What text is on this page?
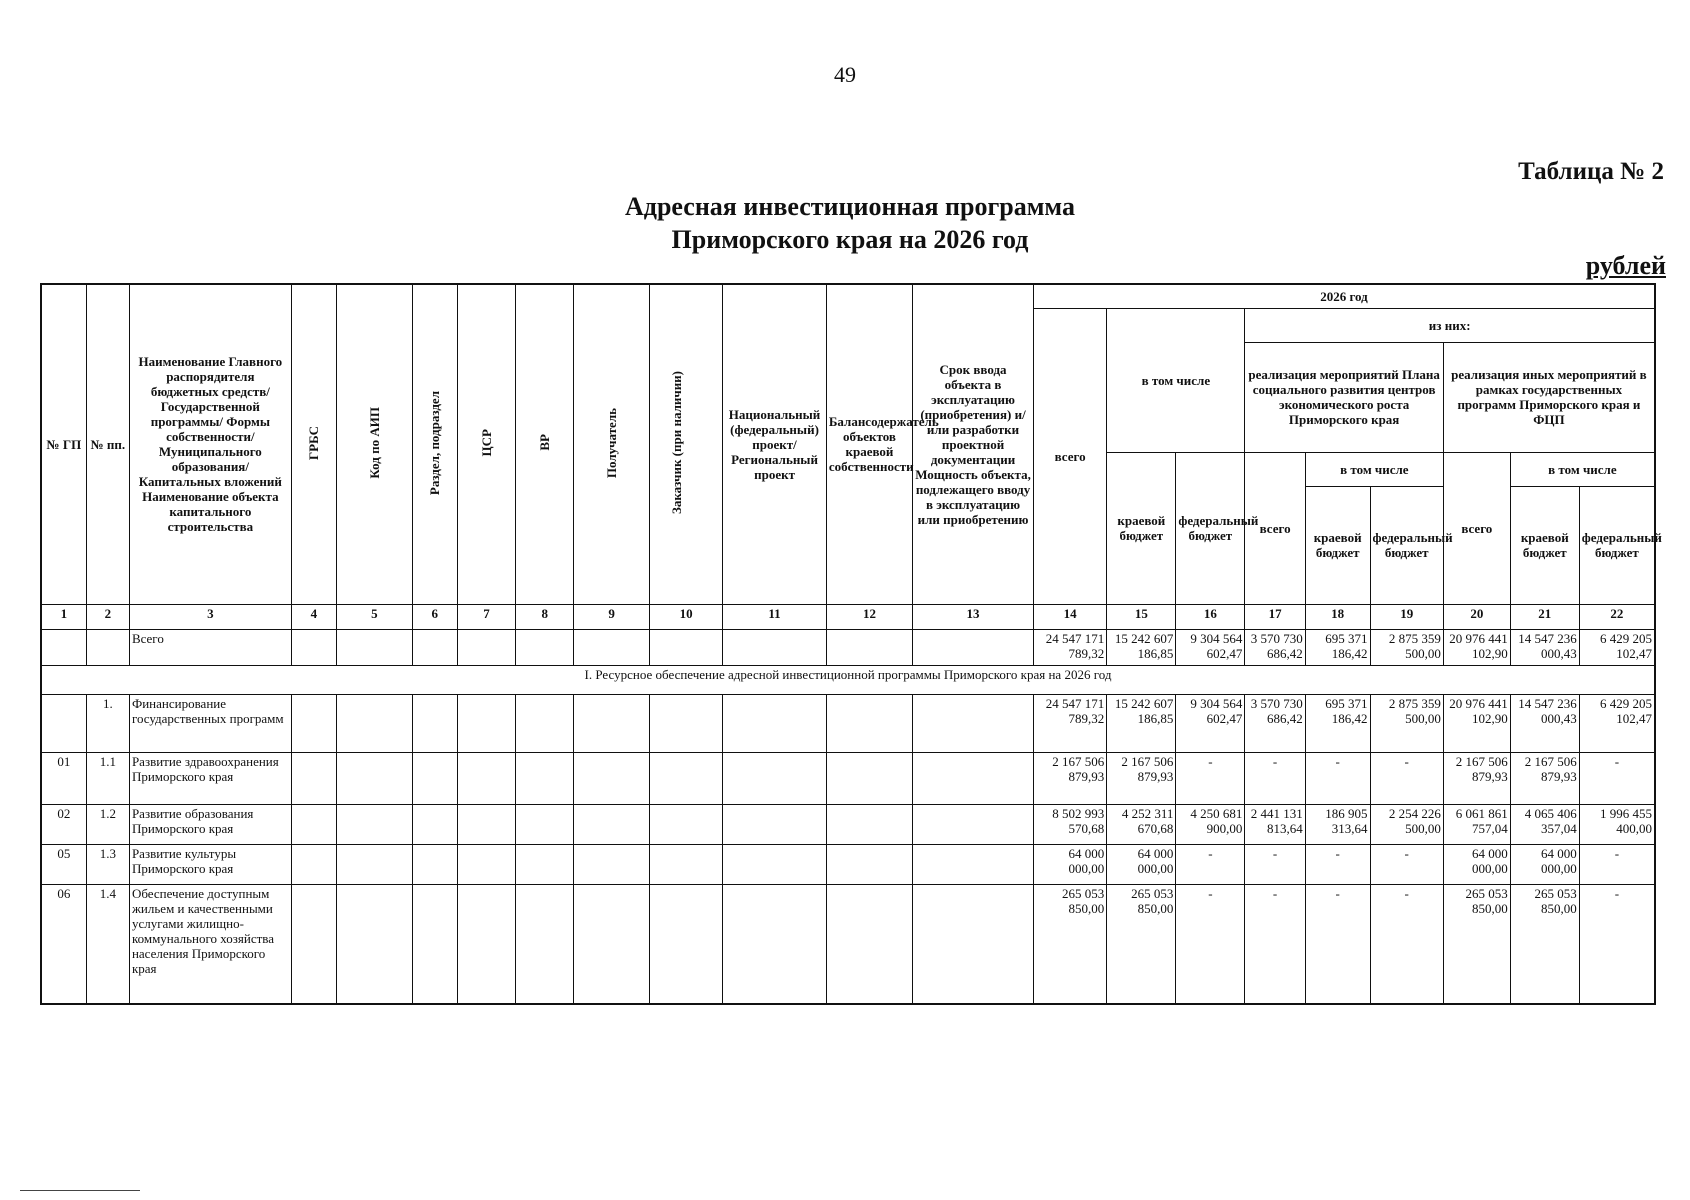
49
Таблица № 2
Адресная инвестиционная программа
Приморского края на 2026 год
рублей
№ ГП	№ пп.	Наименование Главного распорядителя бюджетных средств/Государственной программы/ Формы собственности/Муниципального образования/Капитальных вложений Наименование объекта капитального строительства	ГРБС	Код по АИП	Раздел, подраздел	ЦСР	ВР	Получатель	Заказчик (при наличии)	Национальный (федеральный) проект/ Региональный проект	Балансодержатель объектов краевой собственности	Срок ввода объекта в эксплуатацию (приобретения) и/или разработки проектной документации Мощность объекта, подлежащего вводу в эксплуатацию или приобретению	2026 год								
													всего	в том числе		из них:					
																реализация мероприятий Плана социального развития центров экономического роста Приморского края			реализация иных мероприятий в рамках государственных программ Приморского края и ФЦП		
														краевой бюджет	федеральный бюджет	всего	в том числе		всего	в том числе	
																	краевой бюджет	федеральный бюджет		краевой бюджет	федеральный бюджет
1	2	3	4	5	6	7	8	9	10	11	12	13	14	15	16	17	18	19	20	21	22
		Всего											24 547 171 789,32	15 242 607 186,85	9 304 564 602,47	3 570 730 686,42	695 371 186,42	2 875 359 500,00	20 976 441 102,90	14 547 236 000,43	6 429 205 102,47
I. Ресурсное обеспечение адресной инвестиционной программы Приморского края на 2026 год																					
	1.	Финансирование государственных программ											24 547 171 789,32	15 242 607 186,85	9 304 564 602,47	3 570 730 686,42	695 371 186,42	2 875 359 500,00	20 976 441 102,90	14 547 236 000,43	6 429 205 102,47
01	1.1	Развитие здравоохранения Приморского края											2 167 506 879,93	2 167 506 879,93	-	-	-	-	2 167 506 879,93	2 167 506 879,93	-
02	1.2	Развитие образования Приморского края											8 502 993 570,68	4 252 311 670,68	4 250 681 900,00	2 441 131 813,64	186 905 313,64	2 254 226 500,00	6 061 861 757,04	4 065 406 357,04	1 996 455 400,00
05	1.3	Развитие культуры Приморского края											64 000 000,00	64 000 000,00	-	-	-	-	64 000 000,00	64 000 000,00	-
06	1.4	Обеспечение доступным жильем и качественными услугами жилищно-коммунального хозяйства населения Приморского края											265 053 850,00	265 053 850,00	-	-	-	-	265 053 850,00	265 053 850,00	-
